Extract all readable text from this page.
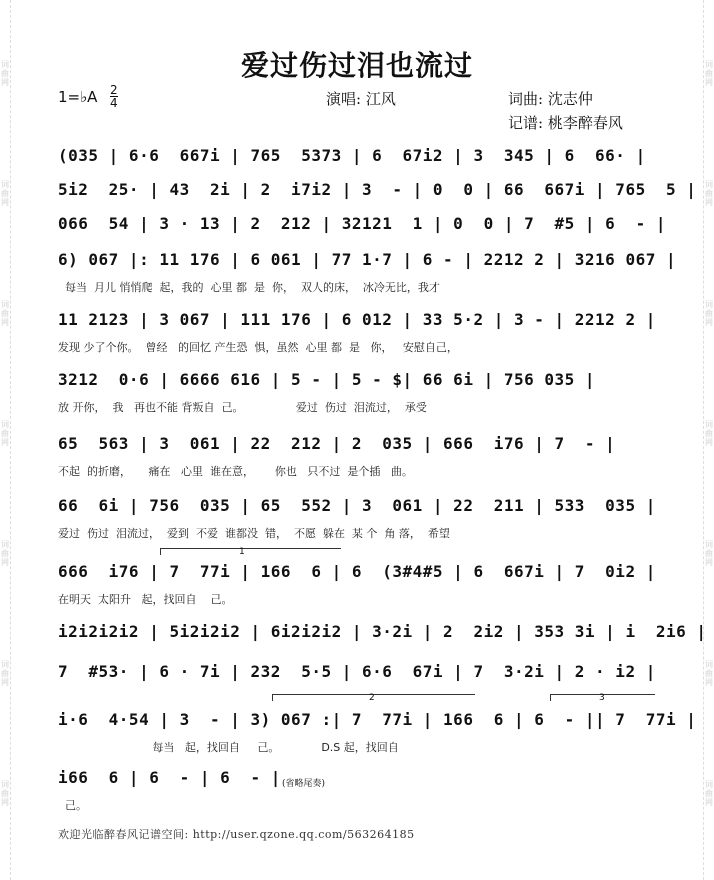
词曲网
词曲网
词曲网
词曲网
词曲网
词曲网
词曲网
词曲网
词曲网
词曲网
词曲网
词曲网
词曲网
词曲网
爱过伤过泪也流过
1=♭A 2
4	演唱: 江风	词曲: 沈志仲
记谱: 桃李醉春风
(035 | 6·6  667i | 765  5373 | 6  67i2 | 3  345 | 6  66· |
5i2  25· | 43  2i | 2  i7i2 | 3  - | 0  0 | 66  667i | 765  5 |
066  54 | 3 · 13 | 2  212 | 32121  1 | 0  0 | 7  #5 | 6  - |
6) 067 |: 11 176 | 6 061 | 77 1·7 | 6 - | 2212 2 | 3216 067 |
每当  月儿 悄悄爬  起，我的  心里 都  是  你，  双人的床，  冰冷无比，我才
11 2123 | 3 067 | 111 176 | 6 012 | 33 5·2 | 3 - | 2212 2 |
发现 少了个你。  曾经   的回忆 产生恐  惧，虽然  心里 都  是   你，   安慰自己，
3212  0·6 | 6666 616 | 5 - | 5 - $| 66 6i | 756 035 |
放 开你，  我   再也不能 背叛自  己。               爱过  伤过  泪流过，  承受
65  563 | 3  061 | 22  212 | 2  035 | 666  i76 | 7  - |
不起  的折磨，     痛在   心里  谁在意，      你也   只不过  是个插   曲。
66  6i | 756  035 | 65  552 | 3  061 | 22  211 | 533  035 |
爱过  伤过  泪流过，  爱到  不爱  谁都没  错，  不愿  躲在  某 个  角 落，  希望
666  i76 | 7  77i | 166  6 | 6  (3#4#5 | 6  667i | 7  0i2 |
在明天  太阳升   起，找回自    己。
i2i2i2i2 | 5i2i2i2 | 6i2i2i2 | 3·2i | 2  2i2 | 353 3i | i  2i6 |
7  #53· | 6 · 7i | 232  5·5 | 6·6  67i | 7  3·2i | 2 · i2 |
i·6  4·54 | 3  - | 3) 067 :| 7  77i | 166  6 | 6  - || 7  77i |
每当   起，找回自     己。            D.S 起，找回自
i66  6 | 6  - | 6  - |
己。
1
2	3
(省略尾奏)
欢迎光临醉春风记谱空间: http://user.qzone.qq.com/563264185
